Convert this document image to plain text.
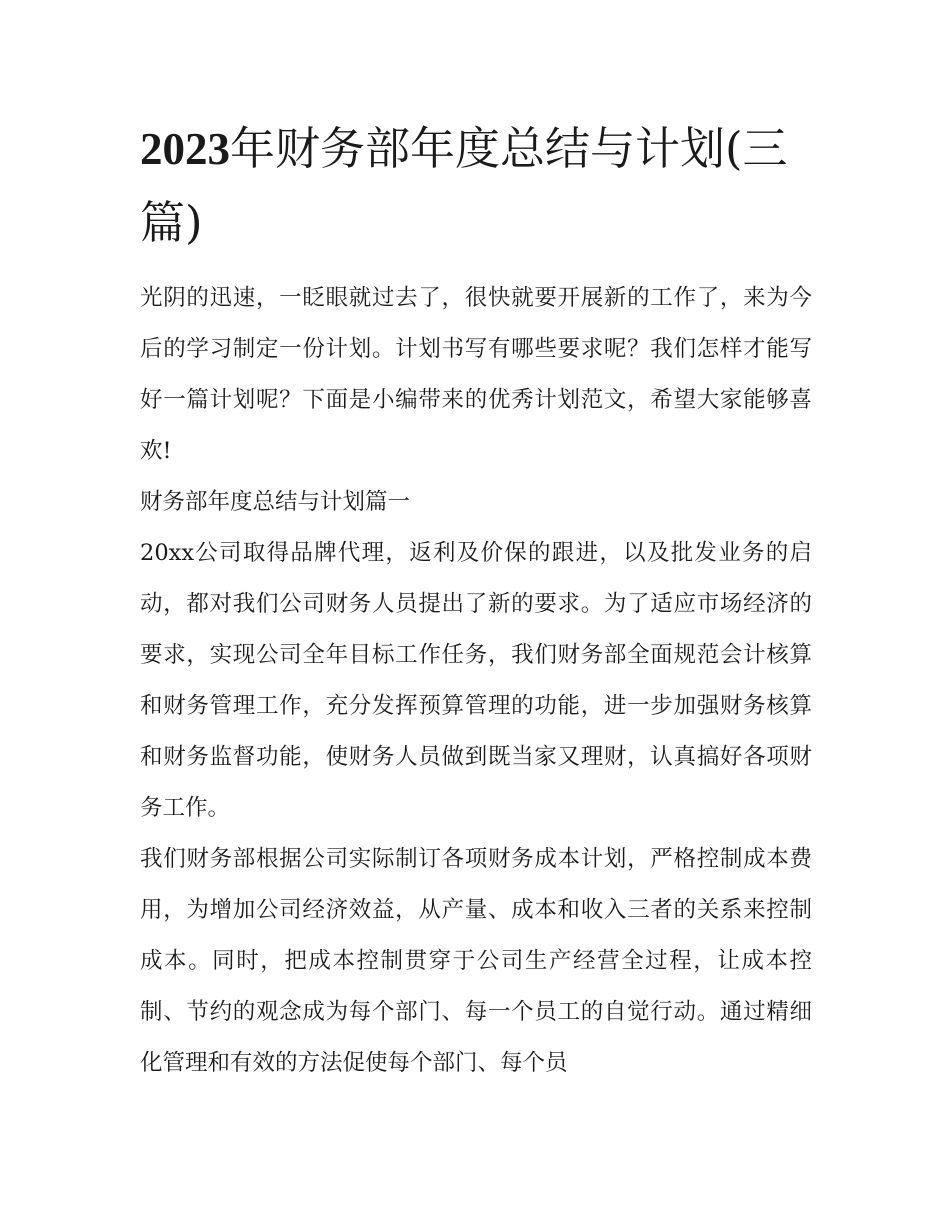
2023年财务部年度总结与计划(三篇)

光阴的迅速，一眨眼就过去了，很快就要开展新的工作了，来为今后的学习制定一份计划。计划书写有哪些要求呢？我们怎样才能写好一篇计划呢？下面是小编带来的优秀计划范文，希望大家能够喜欢!

财务部年度总结与计划篇一

20xx公司取得品牌代理，返利及价保的跟进，以及批发业务的启动，都对我们公司财务人员提出了新的要求。为了适应市场经济的要求，实现公司全年目标工作任务，我们财务部全面规范会计核算和财务管理工作，充分发挥预算管理的功能，进一步加强财务核算和财务监督功能，使财务人员做到既当家又理财，认真搞好各项财务工作。

我们财务部根据公司实际制订各项财务成本计划，严格控制成本费用，为增加公司经济效益，从产量、成本和收入三者的关系来控制成本。同时，把成本控制贯穿于公司生产经营全过程，让成本控制、节约的观念成为每个部门、每一个员工的自觉行动。通过精细化管理和有效的方法促使每个部门、每个员
